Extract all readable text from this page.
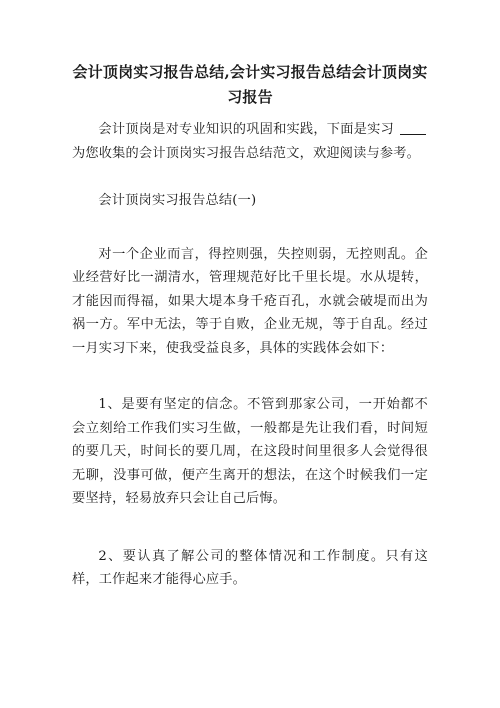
会计顶岗实习报告总结,会计实习报告总结会计顶岗实习报告

会计顶岗是对专业知识的巩固和实践，下面是实习为您收集的会计顶岗实习报告总结范文，欢迎阅读与参考。

会计顶岗实习报告总结(一)

对一个企业而言，得控则强，失控则弱，无控则乱。企业经营好比一湖清水，管理规范好比千里长堤。水从堤转，才能因而得福，如果大堤本身千疮百孔，水就会破堤而出为祸一方。军中无法，等于自败，企业无规，等于自乱。经过一月实习下来，使我受益良多，具体的实践体会如下：

1、是要有坚定的信念。不管到那家公司，一开始都不会立刻给工作我们实习生做，一般都是先让我们看，时间短的要几天，时间长的要几周，在这段时间里很多人会觉得很无聊，没事可做，便产生离开的想法，在这个时候我们一定要坚持，轻易放弃只会让自己后悔。

2、要认真了解公司的整体情况和工作制度。只有这样，工作起来才能得心应手。
